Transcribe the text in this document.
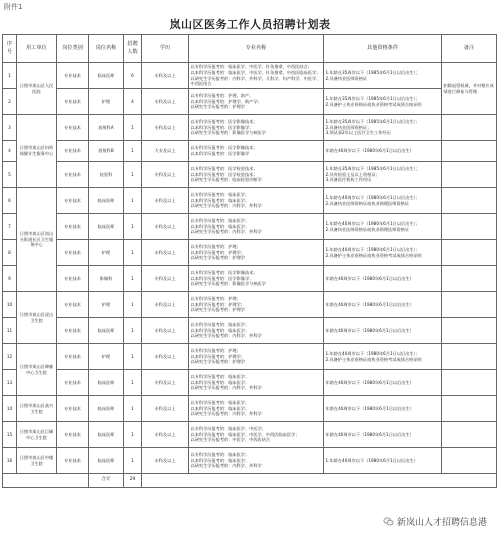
附件1
岚山区医务工作人员招聘计划表
序号	用工单位	岗位类别	岗位名称	招聘人数	学历	专业名称	其他资格条件	备注
1	日照市岚山区人民医院	专业技术	临床医师	6	专科及以上	以专科学历报考的：临床医学、中医学、针灸推拿、中西医结合；
以本科学历报考的：临床医学、中医学、针灸推拿、中西医临床医学；
以研究生学历报考的：内科学、外科学、儿科学、妇产科学、中医学、中西医结合	1.年龄在35周岁以下（1985年6月1日以后出生）；
2.具备执业医师资格证	扣除退役权威，并对相应成绩进行修复与管理
2		专业技术	护理	4	专科及以上	以专科学历报考的：护理、助产；
以本科学历报考的：护理学、助产学；
以研究生学历报考的：护理学	1.年龄在35周岁以下（1985年6月1日以后出生）；
2.具备护士执业资格证或执业资格考试成绩合格证明	
3	日照市岚山区妇幼保健计生服务中心	专业技术	放射科A	1	专科及以上	以专科学历报考的：医学影像技术；
以本科学历报考的：医学影像学；
以研究生学历报考的：影像医学与核医学	1.年龄在35周岁以下（1985年6月1日以后出生）；
2.具备执业医师资格证；
3.须从事2年以上医疗卫生工作经历	
4		专业技术	放射科B	1	大专及以上	以专科学历报考的：医学影像技术；
以本科学历报考的：医学影像学	年龄在40周岁以下（1980年6月1日以后出生）	
5		专业技术	检验科	1	专科及以上	以专科学历报考的：医学检验技术；
以本科学历报考的：医学检验技术；
以研究生学历报考的：临床检验诊断学	1.年龄在35周岁以下（1985年6月1日以后出生）；
2.具有检验士及以上资格证；
3.具备医疗机构工作经历	
6	日照市岚山区岚山头街道社区卫生服务中心	专业技术	临床医师	1	专科及以上	以专科学历报考的：临床医学；
以本科学历报考的：临床医学；
以研究生学历报考的：内科学、外科学	1.年龄在40周岁以下（1980年6月1日以后出生）；
2.具备执业医师资格证或执业助理医师资格证	
7		专业技术	临床医师	1	专科及以上	以专科学历报考的：临床医学；
以本科学历报考的：临床医学；
以研究生学历报考的：内科学、外科学	1.年龄在40周岁以下（1980年6月1日以后出生）；
2.具备执业医师资格证或执业助理医师资格证	
8		专业技术	护理	1	专科及以上	以专科学历报考的：护理；
以本科学历报考的：护理学；
以研究生学历报考的：护理学	1.年龄在40周岁以下（1980年6月1日以后出生）；
2.具备护士执业资格证或执业资格考试成绩合格证明	
9		专业技术	影像科	1	专科及以上	以专科学历报考的：医学影像技术；
以本科学历报考的：医学影像学；
以研究生学历报考的：影像医学与核医学	年龄在40周岁以下（1980年6月1日以后出生）	
10	日照市岚山区虎山卫生院	专业技术	护理	1	专科及以上	以专科学历报考的：护理；
以本科学历报考的：护理学；
以研究生学历报考的：护理学	年龄在40周岁以下（1980年6月1日以后出生）	
11		专业技术	临床医师	1	专科及以上	以专科学历报考的：临床医学；
以本科学历报考的：临床医学；
以研究生学历报考的：内科学、外科学	年龄在40周岁以下（1980年6月1日以后出生）	
12	日照市岚山区碑廓中心卫生院	专业技术	护理	1	专科及以上	以专科学历报考的：护理；
以本科学历报考的：护理学；
以研究生学历报考的：护理学	1.年龄在40周岁以下（1980年6月1日以后出生）；
2.具备护士执业资格证或执业资格考试成绩合格证明	
13		专业技术	临床医师	1	专科及以上	以专科学历报考的：临床医学；
以本科学历报考的：临床医学；
以研究生学历报考的：内科学、外科学	年龄在40周岁以下（1980年6月1日以后出生）	
14	日照市岚山区高兴卫生院	专业技术	临床医师	1	专科及以上	以专科学历报考的：临床医学；
以本科学历报考的：临床医学；
以研究生学历报考的：内科学、外科学	年龄在40周岁以下（1980年6月1日以后出生）	
15	日照市岚山区巨峰中心卫生院	专业技术	临床医师	1	专科及以上	以专科学历报考的：临床医学、中医学；
以本科学历报考的：临床医学、中医学、中西医临床医学；
以研究生学历报考的：中医学、中西医结合	年龄在40周岁以下（1980年6月1日以后出生）	
16	日照市岚山区中楼卫生院	专业技术	临床医师	1	专科及以上	以专科学历报考的：临床医学；
以本科学历报考的：临床医学；
以研究生学历报考的：内科学、外科学	1.年龄在40周岁以下（1980年6月1日以后出生）	
			合计	29				
新岚山人才招聘信息港
